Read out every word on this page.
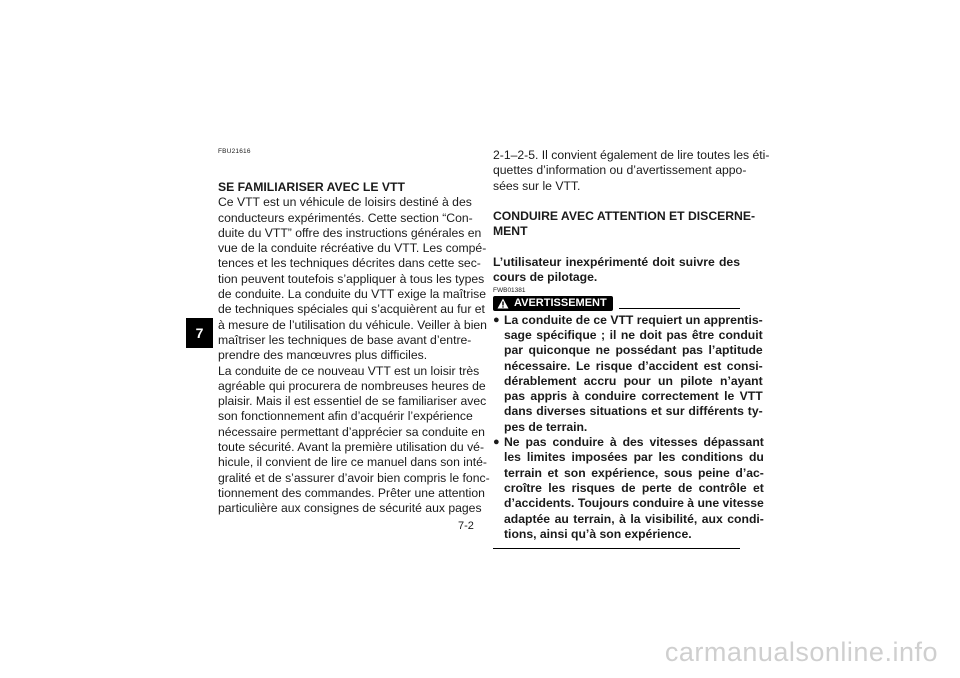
7
FBU21616
SE FAMILIARISER AVEC LE VTT
Ce VTT est un véhicule de loisirs destiné à des
conducteurs expérimentés. Cette section “Con-
duite du VTT” offre des instructions générales en
vue de la conduite récréative du VTT. Les compé-
tences et les techniques décrites dans cette sec-
tion peuvent toutefois s’appliquer à tous les types
de conduite. La conduite du VTT exige la maîtrise
de techniques spéciales qui s’acquièrent au fur et
à mesure de l’utilisation du véhicule. Veiller à bien
maîtriser les techniques de base avant d’entre-
prendre des manœuvres plus difficiles.
La conduite de ce nouveau VTT est un loisir très
agréable qui procurera de nombreuses heures de
plaisir. Mais il est essentiel de se familiariser avec
son fonctionnement afin d’acquérir l’expérience
nécessaire permettant d’apprécier sa conduite en
toute sécurité. Avant la première utilisation du vé-
hicule, il convient de lire ce manuel dans son inté-
gralité et de s’assurer d’avoir bien compris le fonc-
tionnement des commandes. Prêter une attention
particulière aux consignes de sécurité aux pages
2-1–2-5. Il convient également de lire toutes les éti-
quettes d’information ou d’avertissement appo-
sées sur le VTT.
CONDUIRE AVEC ATTENTION ET DISCERNE-
MENT
L’utilisateur inexpérimenté doit suivre des
cours de pilotage.
FWB01381
AVERTISSEMENT
● La conduite de ce VTT requiert un apprentis-
sage spécifique ; il ne doit pas être conduit
par quiconque ne possédant pas l’aptitude
nécessaire. Le risque d’accident est consi-
dérablement accru pour un pilote n’ayant
pas appris à conduire correctement le VTT
dans diverses situations et sur différents ty-
pes de terrain.
● Ne pas conduire à des vitesses dépassant
les limites imposées par les conditions du
terrain et son expérience, sous peine d’ac-
croître les risques de perte de contrôle et
d’accidents. Toujours conduire à une vitesse
adaptée au terrain, à la visibilité, aux condi-
tions, ainsi qu’à son expérience.
7-2
carmanualsonline.info
